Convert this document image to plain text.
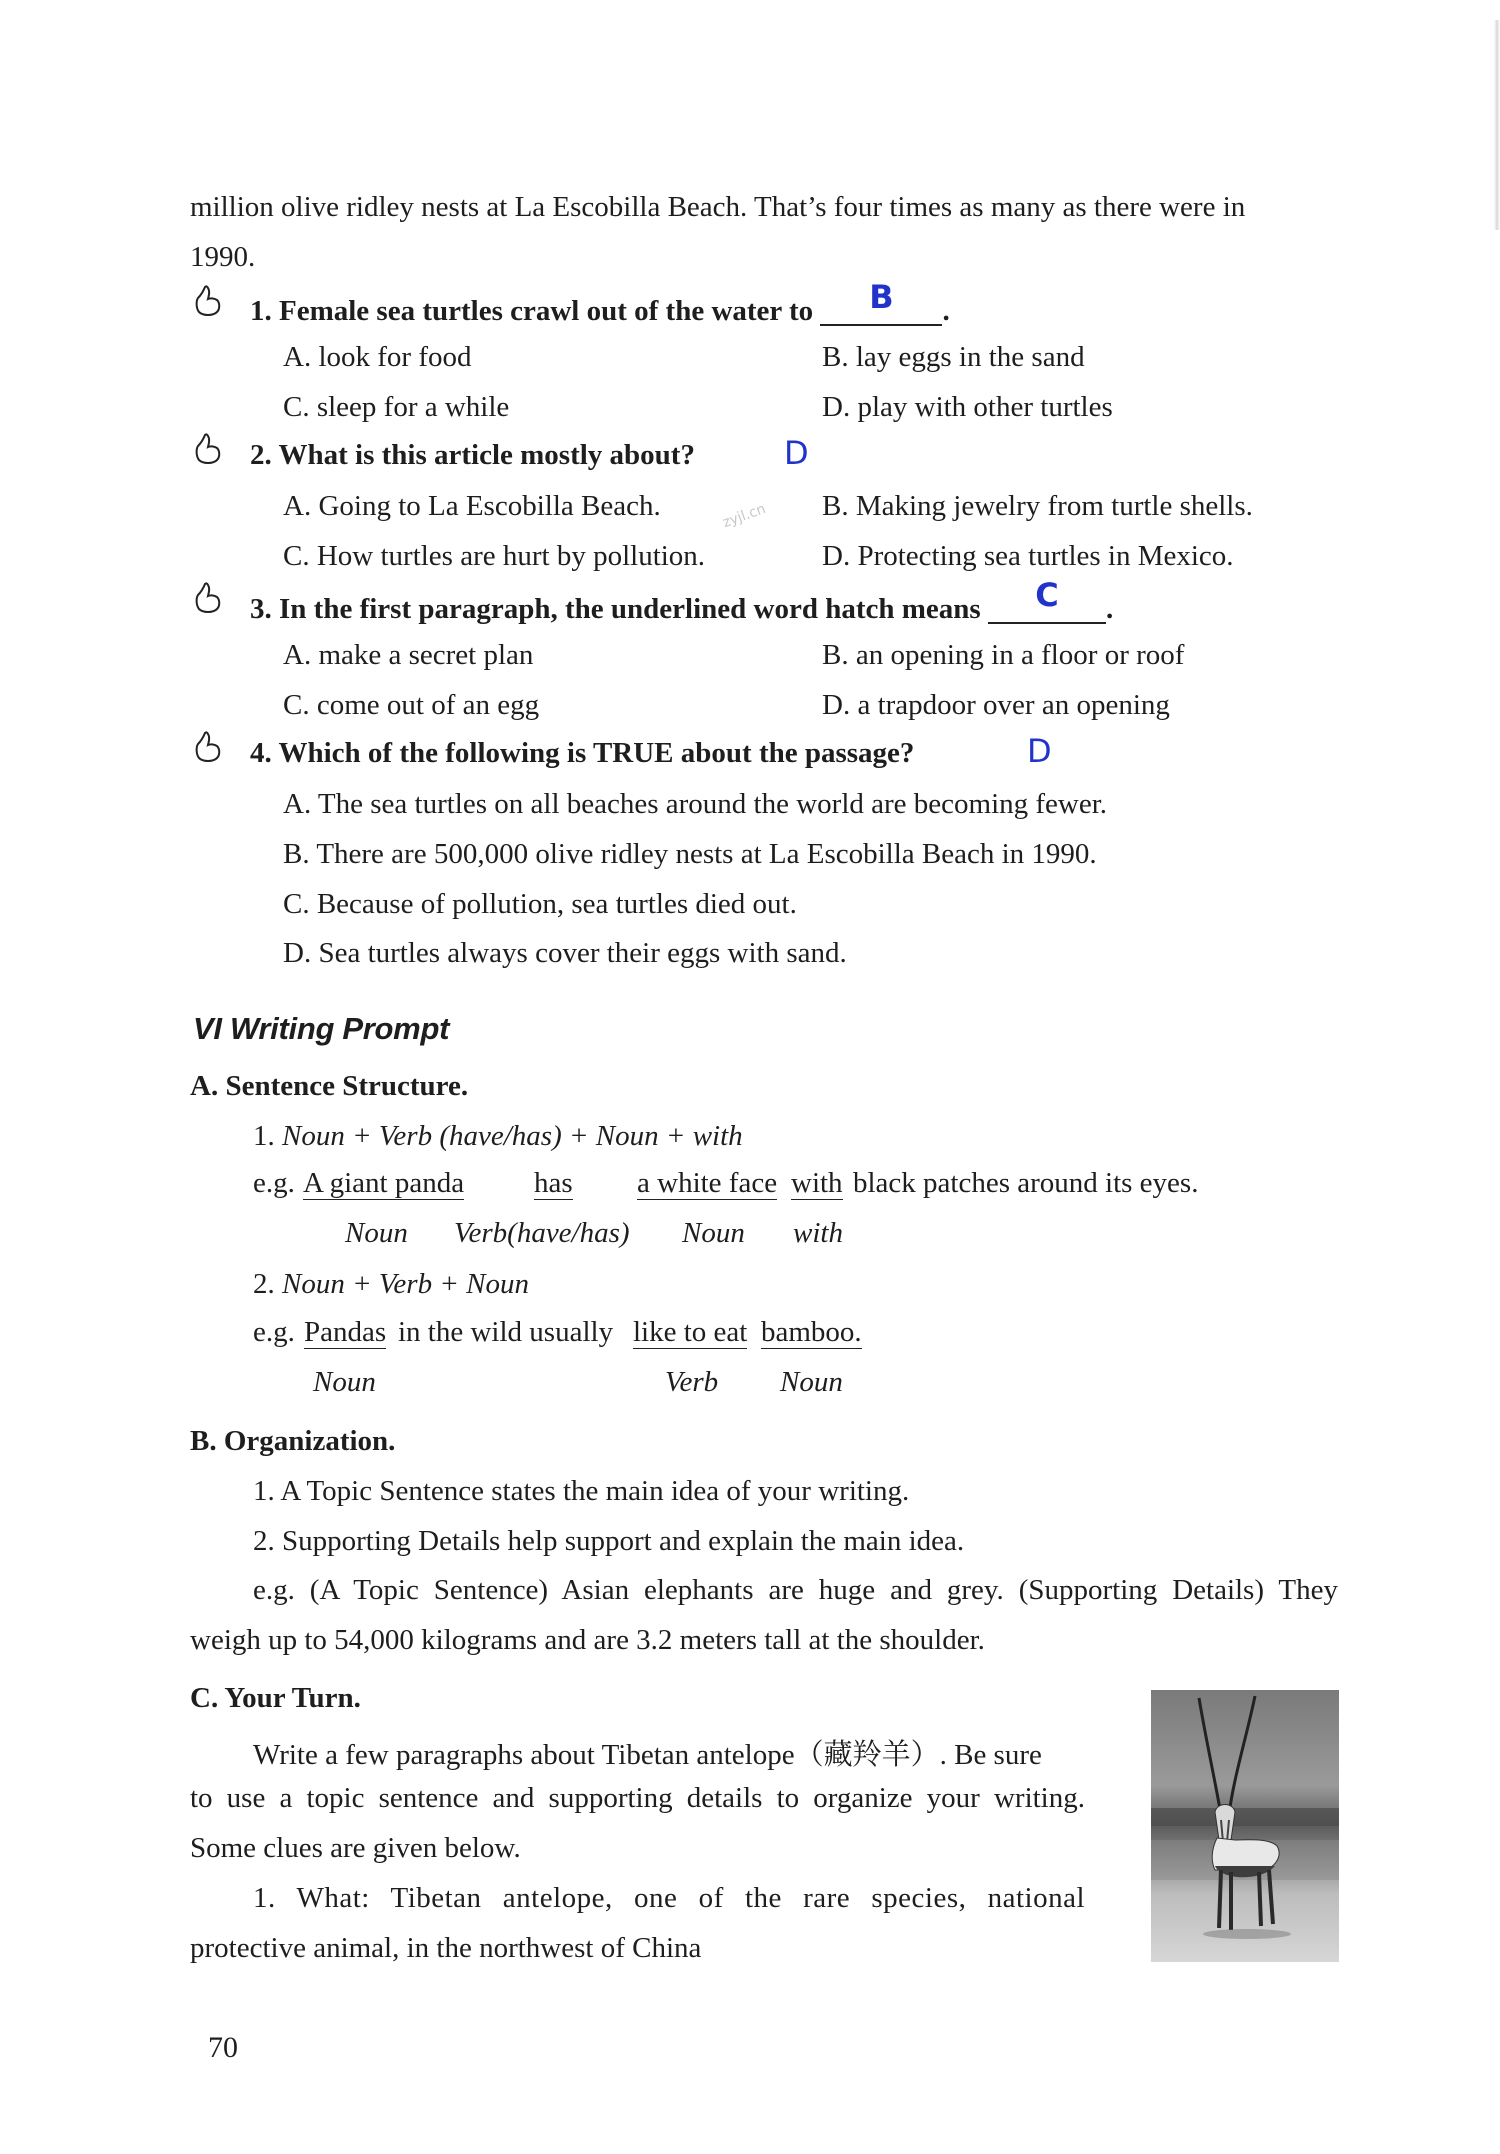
million olive ridley nests at La Escobilla Beach. That’s four times as many as there were in
1990.
1. Female sea turtles crawl out of the water to B .
A. look for food	B. lay eggs in the sand
C. sleep for a while	D. play with other turtles
2. What is this article mostly about?	D
A. Going to La Escobilla Beach.	zyjl.cn B. Making jewelry from turtle shells.
C. How turtles are hurt by pollution.	D. Protecting sea turtles in Mexico.
3. In the first paragraph, the underlined word hatch means C .
A. make a secret plan	B. an opening in a floor or roof
C. come out of an egg	D. a trapdoor over an opening
4. Which of the following is TRUE about the passage?	D
A. The sea turtles on all beaches around the world are becoming fewer.
B. There are 500,000 olive ridley nests at La Escobilla Beach in 1990.
C. Because of pollution, sea turtles died out.
D. Sea turtles always cover their eggs with sand.
VI Writing Prompt
A. Sentence Structure.
1. Noun + Verb (have/has) + Noun + with
e.g. A giant panda has a white face with black patches around its eyes.
Noun Verb(have/has) Noun with
2. Noun + Verb + Noun
e.g. Pandas in the wild usually like to eat bamboo.
Noun	Verb Noun
B. Organization.
1. A Topic Sentence states the main idea of your writing.
2. Supporting Details help support and explain the main idea.
e.g. (A Topic Sentence) Asian elephants are huge and grey. (Supporting Details) They
weigh up to 54,000 kilograms and are 3.2 meters tall at the shoulder.
C. Your Turn.
Write a few paragraphs about Tibetan antelope（藏羚羊）. Be sure
to use a topic sentence and supporting details to organize your writing.
Some clues are given below.
1. What: Tibetan antelope, one of the rare species, national
protective animal, in the northwest of China
70
